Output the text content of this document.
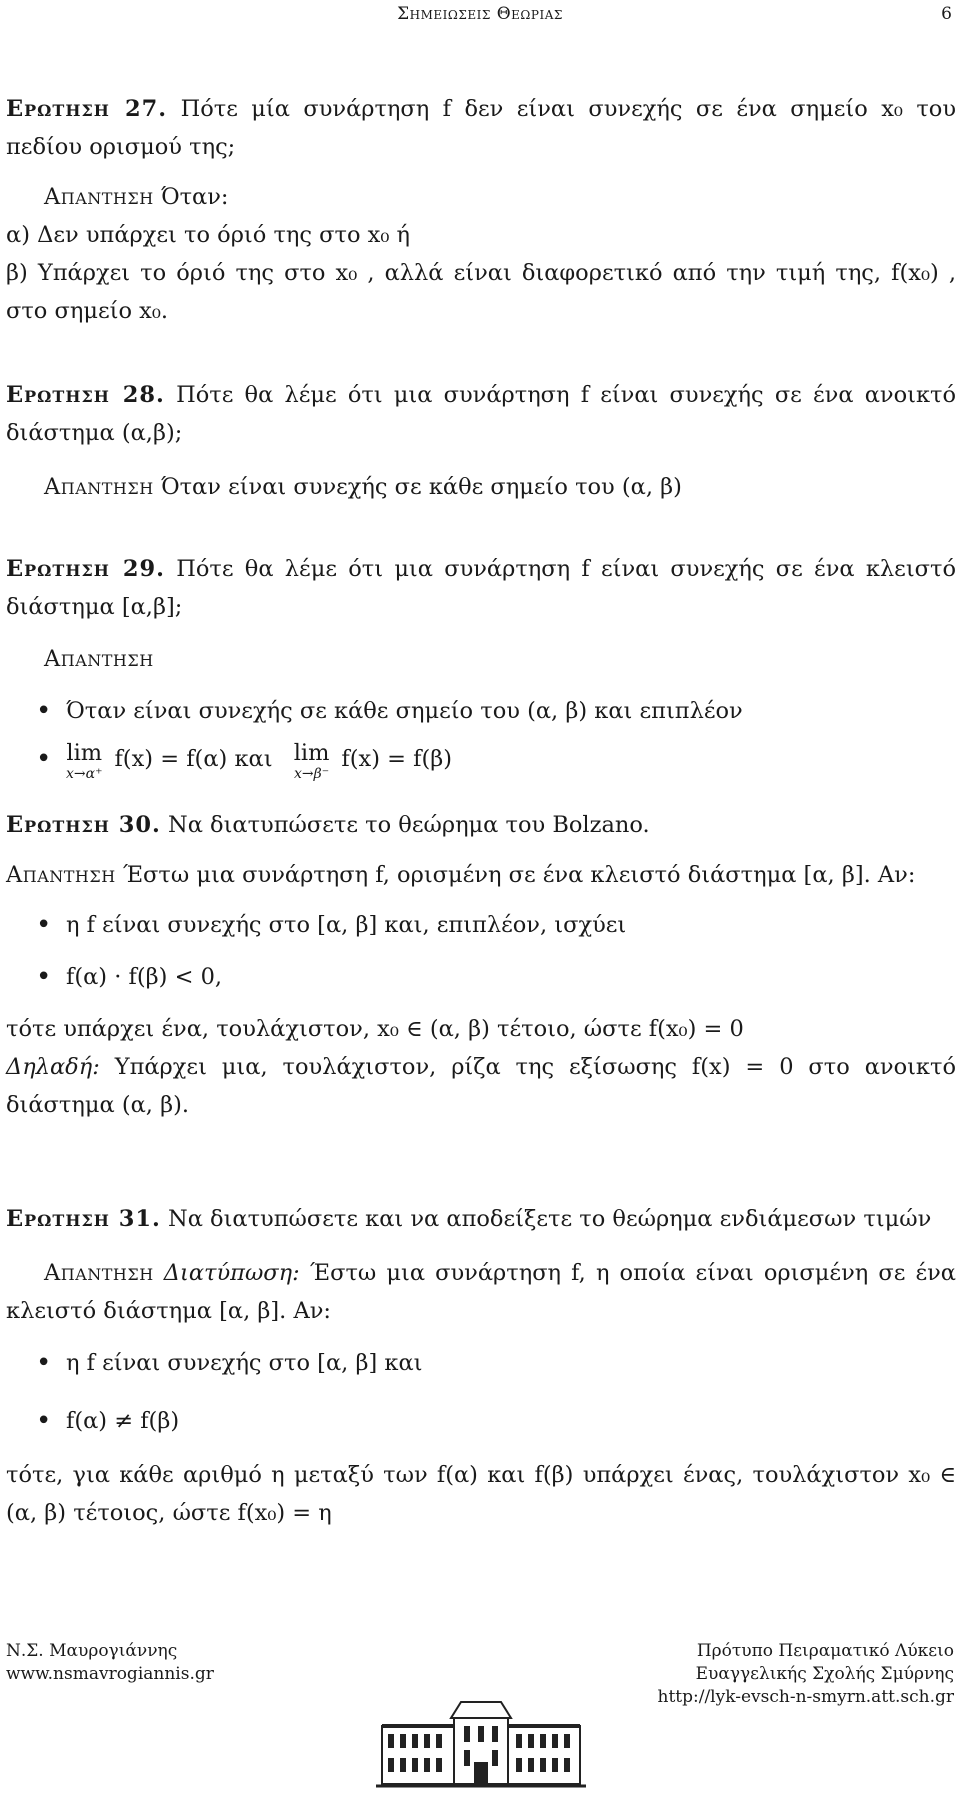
Σημειωσεις Θεωριας	6
Ερωτηση 27. Πότε μία συνάρτηση f δεν είναι συνεχής σε ένα σημείο x₀ του πεδίου ορισμού της;
Απαντηση Όταν:
α) Δεν υπάρχει το όριό της στο x₀ ή
β) Υπάρχει το όριό της στο x₀ , αλλά είναι διαφορετικό από την τιμή της, f(x₀) , στο σημείο x₀.
Ερωτηση 28. Πότε θα λέμε ότι μια συνάρτηση f είναι συνεχής σε ένα ανοικτό διάστημα (α,β);
Απαντηση Όταν είναι συνεχής σε κάθε σημείο του (α, β)
Ερωτηση 29. Πότε θα λέμε ότι μια συνάρτηση f είναι συνεχής σε ένα κλειστό διάστημα [α,β];
Απαντηση
• Όταν είναι συνεχής σε κάθε σημείο του (α, β) και επιπλέον
• lim
x→α⁺
f(x) = f(α) και lim
x→β⁻
f(x) = f(β)
Ερωτηση 30. Να διατυπώσετε το θεώρημα του Bolzano.
Απαντηση Έστω μια συνάρτηση f, ορισμένη σε ένα κλειστό διάστημα [α, β]. Αν:
• η f είναι συνεχής στο [α, β] και, επιπλέον, ισχύει
• f(α) · f(β) < 0,
τότε υπάρχει ένα, τουλάχιστον, x₀ ∈ (α, β) τέτοιο, ώστε f(x₀) = 0
Δηλαδή: Υπάρχει μια, τουλάχιστον, ρίζα της εξίσωσης f(x) = 0 στο ανοικτό διάστημα (α, β).
Ερωτηση 31. Να διατυπώσετε και να αποδείξετε το θεώρημα ενδιάμεσων τιμών
Απαντηση Διατύπωση: Έστω μια συνάρτηση f, η οποία είναι ορισμένη σε ένα κλειστό διάστημα [α, β]. Αν:
• η f είναι συνεχής στο [α, β] και
• f(α) ≠ f(β)
τότε, για κάθε αριθμό η μεταξύ των f(α) και f(β) υπάρχει ένας, τουλάχιστον x₀ ∈ (α, β) τέτοιος, ώστε f(x₀) = η
Ν.Σ. Μαυρογιάννης
www.nsmavrogiannis.gr
Πρότυπο Πειραματικό Λύκειο
Ευαγγελικής Σχολής Σμύρνης
http://lyk-evsch-n-smyrn.att.sch.gr
